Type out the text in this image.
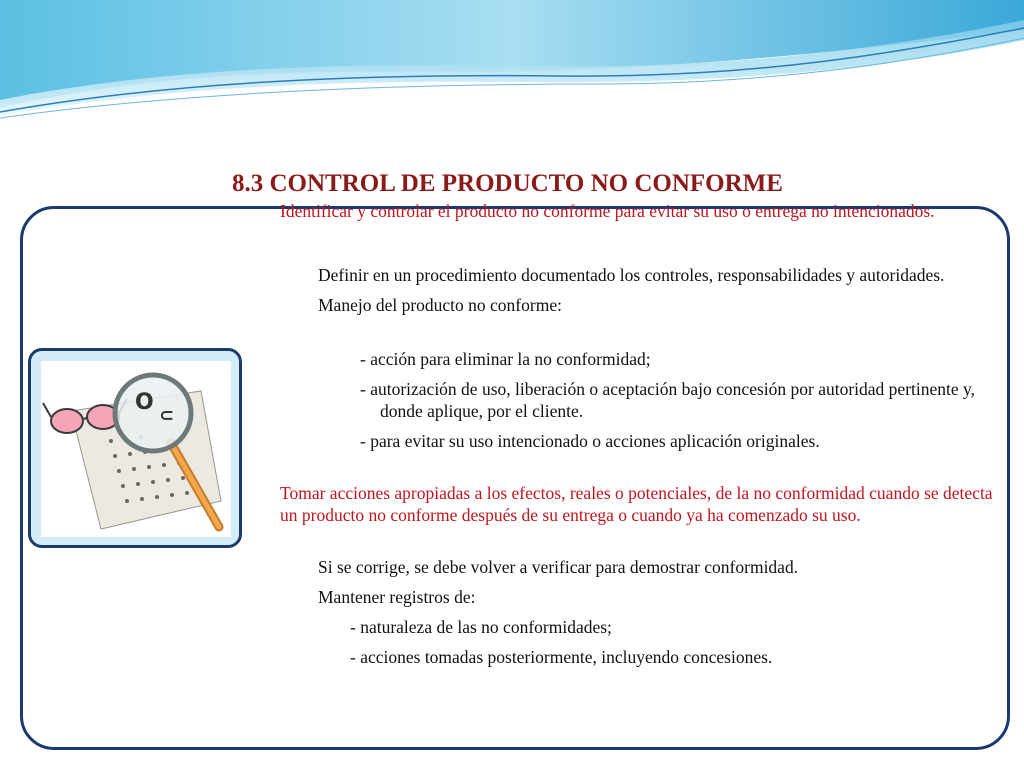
8.3 CONTROL DE PRODUCTO NO CONFORME
O
⊂

Identificar y controlar el producto no conforme para evitar su uso o entrega no intencionados.

Definir en un procedimiento documentado los controles, responsabilidades y autoridades.

Manejo del producto no conforme:

- acción para eliminar la no conformidad;

- autorización de uso, liberación o aceptación bajo concesión por autoridad pertinente y, donde aplique, por el cliente.

- para evitar su uso intencionado o acciones aplicación originales.

Tomar acciones apropiadas a los efectos, reales o potenciales, de la no conformidad cuando se detecta un producto no conforme después de su entrega o cuando ya ha comenzado su uso.

Si se corrige, se debe volver a verificar para demostrar conformidad.

Mantener registros de:

- naturaleza de las no conformidades;

- acciones tomadas posteriormente, incluyendo concesiones.
